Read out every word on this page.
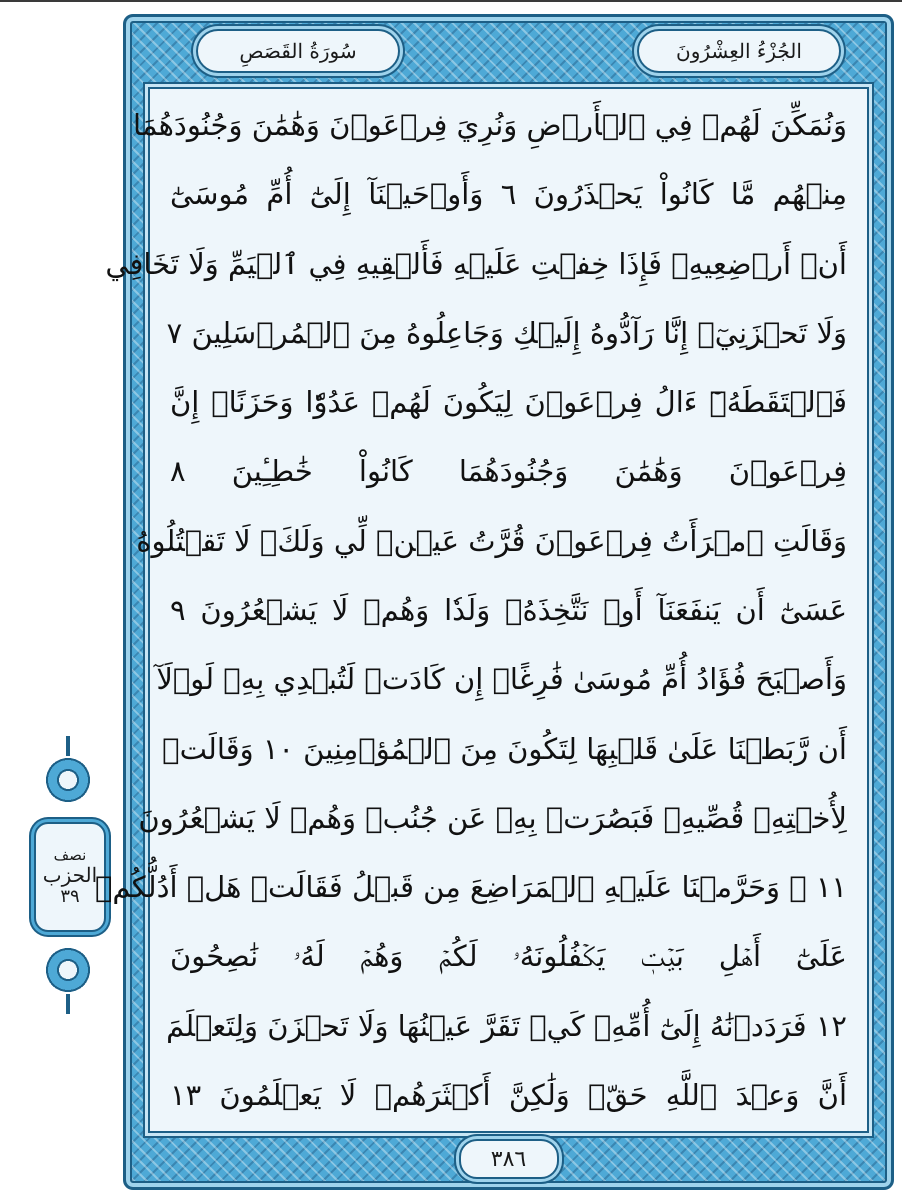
نصف
الحزب
٣٩
سُورَةُ القَصَصِ	الجُزْءُ العِشْرُونَ
وَنُمَكِّنَ لَهُمۡ فِي ٱلۡأَرۡضِ وَنُرِيَ فِرۡعَوۡنَ وَهَٰمَٰنَ وَجُنُودَهُمَا
مِنۡهُم مَّا كَانُواْ يَحۡذَرُونَ ٦ وَأَوۡحَيۡنَآ إِلَىٰٓ أُمِّ مُوسَىٰٓ
أَنۡ أَرۡضِعِيهِۖ فَإِذَا خِفۡتِ عَلَيۡهِ فَأَلۡقِيهِ فِي ٱلۡيَمِّ وَلَا تَخَافِي
وَلَا تَحۡزَنِيٓۖ إِنَّا رَآدُّوهُ إِلَيۡكِ وَجَاعِلُوهُ مِنَ ٱلۡمُرۡسَلِينَ ٧
فَٱلۡتَقَطَهُۥٓ ءَالُ فِرۡعَوۡنَ لِيَكُونَ لَهُمۡ عَدُوّٗا وَحَزَنًاۗ إِنَّ
فِرۡعَوۡنَ وَهَٰمَٰنَ وَجُنُودَهُمَا كَانُواْ خَٰطِـِٔينَ ٨
وَقَالَتِ ٱمۡرَأَتُ فِرۡعَوۡنَ قُرَّتُ عَيۡنٖ لِّي وَلَكَۖ لَا تَقۡتُلُوهُ
عَسَىٰٓ أَن يَنفَعَنَآ أَوۡ نَتَّخِذَهُۥ وَلَدٗا وَهُمۡ لَا يَشۡعُرُونَ ٩
وَأَصۡبَحَ فُؤَادُ أُمِّ مُوسَىٰ فَٰرِغًاۖ إِن كَادَتۡ لَتُبۡدِي بِهِۦ لَوۡلَآ
أَن رَّبَطۡنَا عَلَىٰ قَلۡبِهَا لِتَكُونَ مِنَ ٱلۡمُؤۡمِنِينَ ١٠ وَقَالَتۡ
لِأُخۡتِهِۦ قُصِّيهِۖ فَبَصُرَتۡ بِهِۦ عَن جُنُبٖ وَهُمۡ لَا يَشۡعُرُونَ
١١ ۞ وَحَرَّمۡنَا عَلَيۡهِ ٱلۡمَرَاضِعَ مِن قَبۡلُ فَقَالَتۡ هَلۡ أَدُلُّكُمۡ
عَلَىٰٓ أَهۡلِ بَيۡتٖ يَكۡفُلُونَهُۥ لَكُمۡ وَهُمۡ لَهُۥ نَٰصِحُونَ
١٢ فَرَدَدۡنَٰهُ إِلَىٰٓ أُمِّهِۦ كَيۡ تَقَرَّ عَيۡنُهَا وَلَا تَحۡزَنَ وَلِتَعۡلَمَ
أَنَّ وَعۡدَ ٱللَّهِ حَقّٞ وَلَٰكِنَّ أَكۡثَرَهُمۡ لَا يَعۡلَمُونَ ١٣
٣٨٦
